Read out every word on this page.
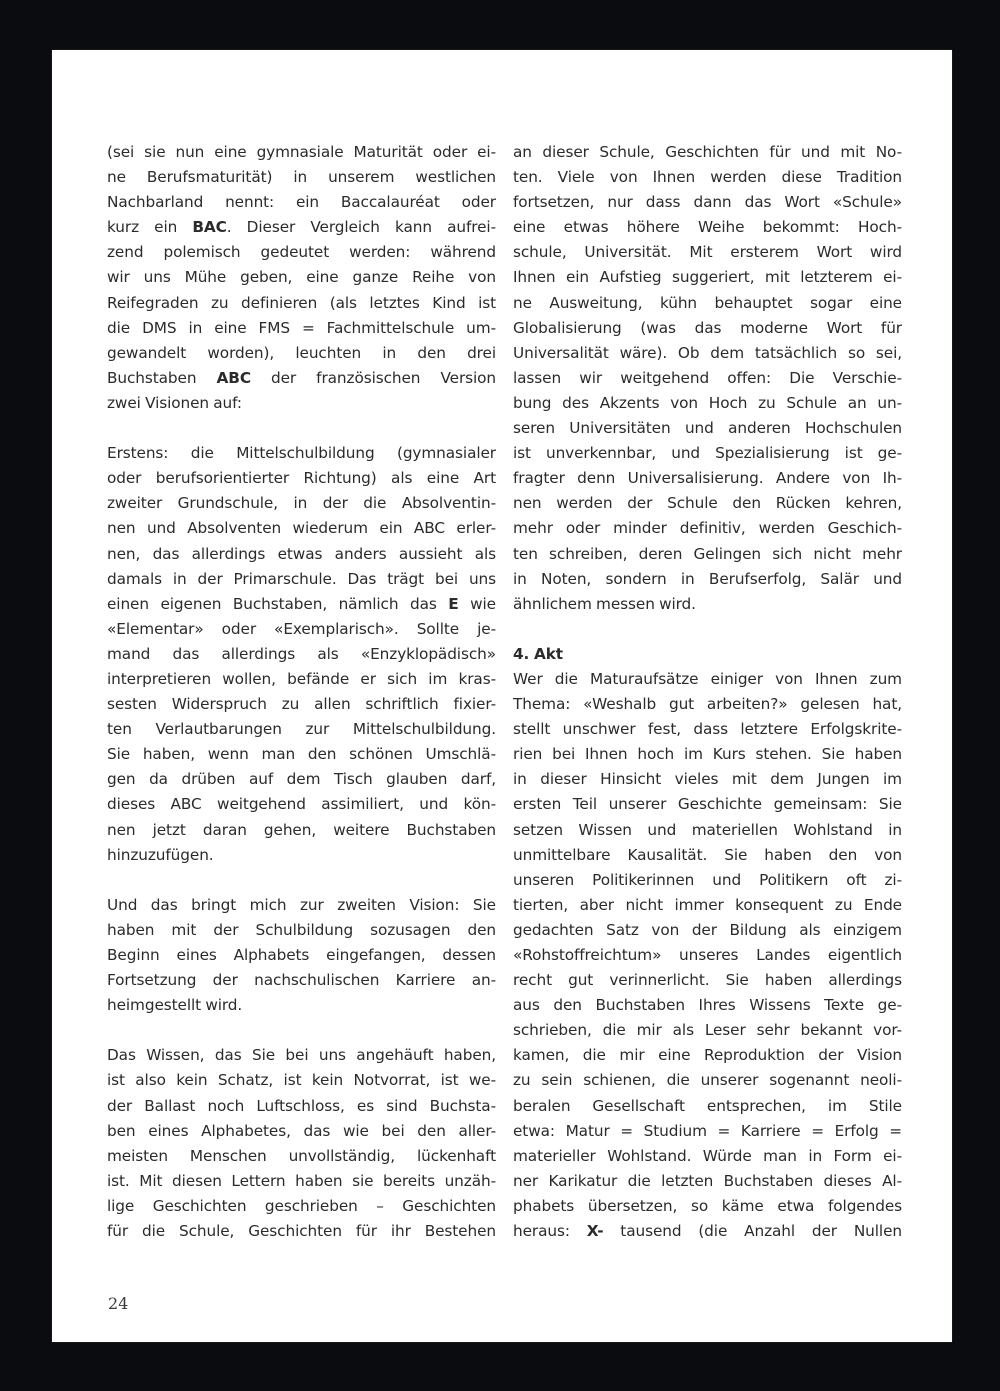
(sei sie nun eine gymnasiale Maturität oder ei-
ne Berufsmaturität) in unserem westlichen
Nachbarland nennt: ein Baccalauréat oder
kurz ein BAC. Dieser Vergleich kann aufrei-
zend polemisch gedeutet werden: während
wir uns Mühe geben, eine ganze Reihe von
Reifegraden zu definieren (als letztes Kind ist
die DMS in eine FMS = Fachmittelschule um-
gewandelt worden), leuchten in den drei
Buchstaben ABC der französischen Version
zwei Visionen auf:
Erstens: die Mittelschulbildung (gymnasialer
oder berufsorientierter Richtung) als eine Art
zweiter Grundschule, in der die Absolventin-
nen und Absolventen wiederum ein ABC erler-
nen, das allerdings etwas anders aussieht als
damals in der Primarschule. Das trägt bei uns
einen eigenen Buchstaben, nämlich das E wie
«Elementar» oder «Exemplarisch». Sollte je-
mand das allerdings als «Enzyklopädisch»
interpretieren wollen, befände er sich im kras-
sesten Widerspruch zu allen schriftlich fixier-
ten Verlautbarungen zur Mittelschulbildung.
Sie haben, wenn man den schönen Umschlä-
gen da drüben auf dem Tisch glauben darf,
dieses ABC weitgehend assimiliert, und kön-
nen jetzt daran gehen, weitere Buchstaben
hinzuzufügen.
Und das bringt mich zur zweiten Vision: Sie
haben mit der Schulbildung sozusagen den
Beginn eines Alphabets eingefangen, dessen
Fortsetzung der nachschulischen Karriere an-
heimgestellt wird.
Das Wissen, das Sie bei uns angehäuft haben,
ist also kein Schatz, ist kein Notvorrat, ist we-
der Ballast noch Luftschloss, es sind Buchsta-
ben eines Alphabetes, das wie bei den aller-
meisten Menschen unvollständig, lückenhaft
ist. Mit diesen Lettern haben sie bereits unzäh-
lige Geschichten geschrieben – Geschichten
für die Schule, Geschichten für ihr Bestehen
an dieser Schule, Geschichten für und mit No-
ten. Viele von Ihnen werden diese Tradition
fortsetzen, nur dass dann das Wort «Schule»
eine etwas höhere Weihe bekommt: Hoch-
schule, Universität. Mit ersterem Wort wird
Ihnen ein Aufstieg suggeriert, mit letzterem ei-
ne Ausweitung, kühn behauptet sogar eine
Globalisierung (was das moderne Wort für
Universalität wäre). Ob dem tatsächlich so sei,
lassen wir weitgehend offen: Die Verschie-
bung des Akzents von Hoch zu Schule an un-
seren Universitäten und anderen Hochschulen
ist unverkennbar, und Spezialisierung ist ge-
fragter denn Universalisierung. Andere von Ih-
nen werden der Schule den Rücken kehren,
mehr oder minder definitiv, werden Geschich-
ten schreiben, deren Gelingen sich nicht mehr
in Noten, sondern in Berufserfolg, Salär und
ähnlichem messen wird.
4. Akt
Wer die Maturaufsätze einiger von Ihnen zum
Thema: «Weshalb gut arbeiten?» gelesen hat,
stellt unschwer fest, dass letztere Erfolgskrite-
rien bei Ihnen hoch im Kurs stehen. Sie haben
in dieser Hinsicht vieles mit dem Jungen im
ersten Teil unserer Geschichte gemeinsam: Sie
setzen Wissen und materiellen Wohlstand in
unmittelbare Kausalität. Sie haben den von
unseren Politikerinnen und Politikern oft zi-
tierten, aber nicht immer konsequent zu Ende
gedachten Satz von der Bildung als einzigem
«Rohstoffreichtum» unseres Landes eigentlich
recht gut verinnerlicht. Sie haben allerdings
aus den Buchstaben Ihres Wissens Texte ge-
schrieben, die mir als Leser sehr bekannt vor-
kamen, die mir eine Reproduktion der Vision
zu sein schienen, die unserer sogenannt neoli-
beralen Gesellschaft entsprechen, im Stile
etwa: Matur = Studium = Karriere = Erfolg =
materieller Wohlstand. Würde man in Form ei-
ner Karikatur die letzten Buchstaben dieses Al-
phabets übersetzen, so käme etwa folgendes
heraus: X- tausend (die Anzahl der Nullen
24
